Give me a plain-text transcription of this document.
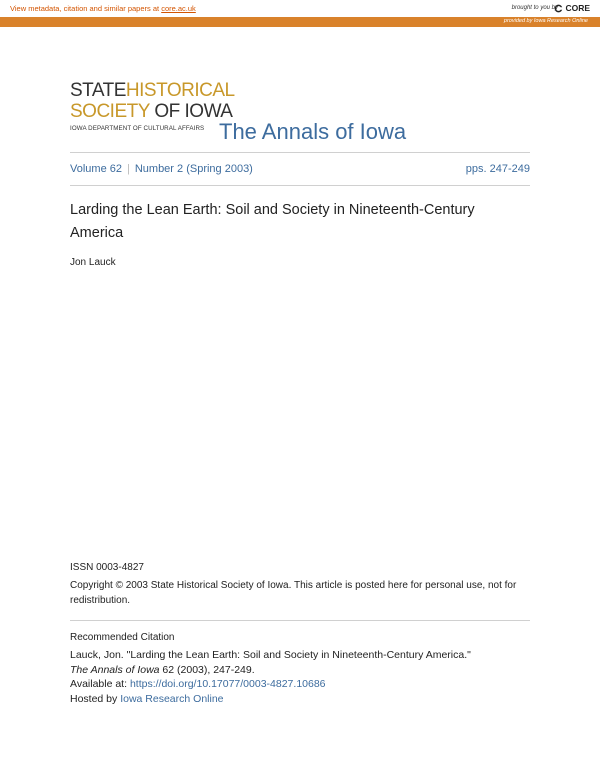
View metadata, citation and similar papers at core.ac.uk	brought to you by CORE
provided by Iowa Research Online
STATEHISTORICAL
SOCIETY OF IOWA
IOWA DEPARTMENT OF CULTURAL AFFAIRS The Annals of Iowa
Volume 62 | Number 2 (Spring 2003)	pps. 247-249
Larding the Lean Earth: Soil and Society in Nineteenth-Century America
Jon Lauck
ISSN 0003-4827
Copyright © 2003 State Historical Society of Iowa. This article is posted here for personal use, not for redistribution.
Recommended Citation
Lauck, Jon. "Larding the Lean Earth: Soil and Society in Nineteenth-Century America."
The Annals of Iowa 62 (2003), 247-249.
Available at: https://doi.org/10.17077/0003-4827.10686
Hosted by Iowa Research Online
